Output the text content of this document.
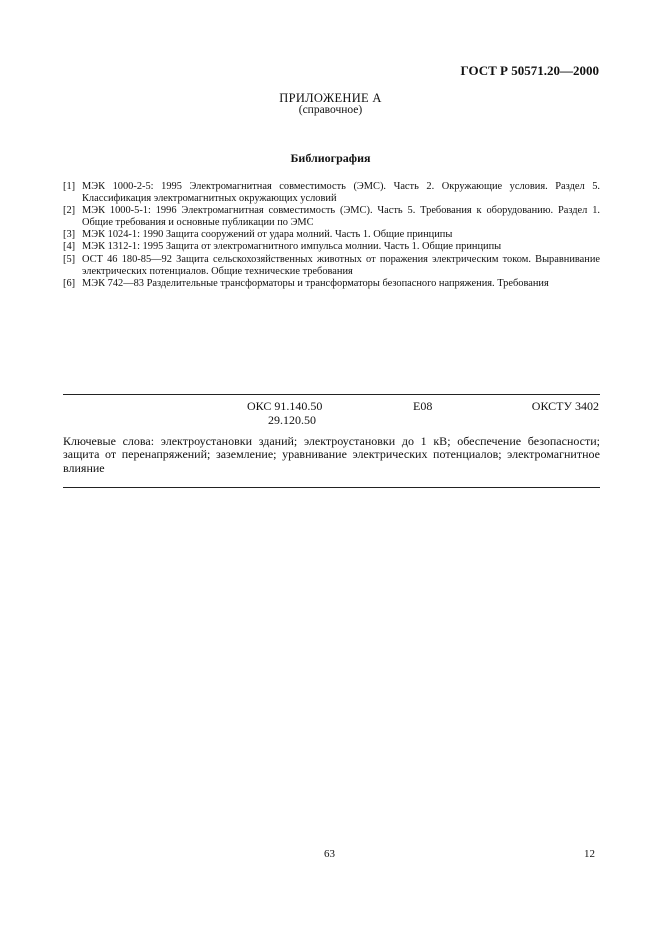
ГОСТ Р 50571.20—2000
ПРИЛОЖЕНИЕ А
(справочное)
Библиография
[1] МЭК 1000-2-5: 1995 Электромагнитная совместимость (ЭМС). Часть 2. Окружающие условия. Раздел 5. Классификация электромагнитных окружающих условий
[2] МЭК 1000-5-1: 1996 Электромагнитная совместимость (ЭМС). Часть 5. Требования к оборудованию. Раздел 1. Общие требования и основные публикации по ЭМС
[3] МЭК 1024-1: 1990 Защита сооружений от удара молний. Часть 1. Общие принципы
[4] МЭК 1312-1: 1995 Защита от электромагнитного импульса молнии. Часть 1. Общие принципы
[5] ОСТ 46 180-85—92 Защита сельскохозяйственных животных от поражения электрическим током. Выравнивание электрических потенциалов. Общие технические требования
[6] МЭК 742—83 Разделительные трансформаторы и трансформаторы безопасного напряжения. Требования
ОКС 91.140.50
29.120.50
Е08	ОКСТУ 3402
Ключевые слова: электроустановки зданий; электроустановки до 1 кВ; обеспечение безопасности; защита от перенапряжений; заземление; уравнивание электрических потенциалов; электромагнитное влияние
63	12
